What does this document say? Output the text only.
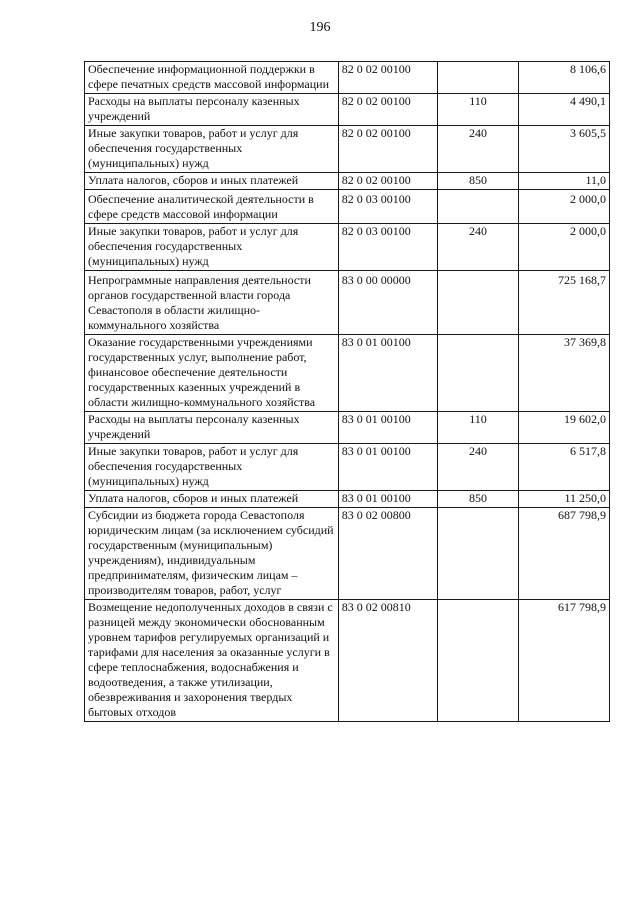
196
Обеспечение информационной поддержки в сфере печатных средств массовой информации	82 0 02 00100		8 106,6
Расходы на выплаты персоналу казенных учреждений	82 0 02 00100	110	4 490,1
Иные закупки товаров, работ и услуг для обеспечения государственных (муниципальных) нужд	82 0 02 00100	240	3 605,5
Уплата налогов, сборов и иных платежей	82 0 02 00100	850	11,0
Обеспечение аналитической деятельности в сфере средств массовой информации	82 0 03 00100		2 000,0
Иные закупки товаров, работ и услуг для обеспечения государственных (муниципальных) нужд	82 0 03 00100	240	2 000,0
Непрограммные направления деятельности органов государственной власти города Севастополя в области жилищно-коммунального хозяйства	83 0 00 00000		725 168,7
Оказание государственными учреждениями государственных услуг, выполнение работ, финансовое обеспечение деятельности государственных казенных учреждений в области жилищно-коммунального хозяйства	83 0 01 00100		37 369,8
Расходы на выплаты персоналу казенных учреждений	83 0 01 00100	110	19 602,0
Иные закупки товаров, работ и услуг для обеспечения государственных (муниципальных) нужд	83 0 01 00100	240	6 517,8
Уплата налогов, сборов и иных платежей	83 0 01 00100	850	11 250,0
Субсидии из бюджета города Севастополя юридическим лицам (за исключением субсидий государственным (муниципальным) учреждениям), индивидуальным предпринимателям, физическим лицам – производителям товаров, работ, услуг	83 0 02 00800		687 798,9
Возмещение недополученных доходов в связи с разницей между экономически обоснованным уровнем тарифов регулируемых организаций и тарифами для населения за оказанные услуги в сфере теплоснабжения, водоснабжения и водоотведения, а также утилизации, обезвреживания и захоронения твердых бытовых отходов	83 0 02 00810		617 798,9
